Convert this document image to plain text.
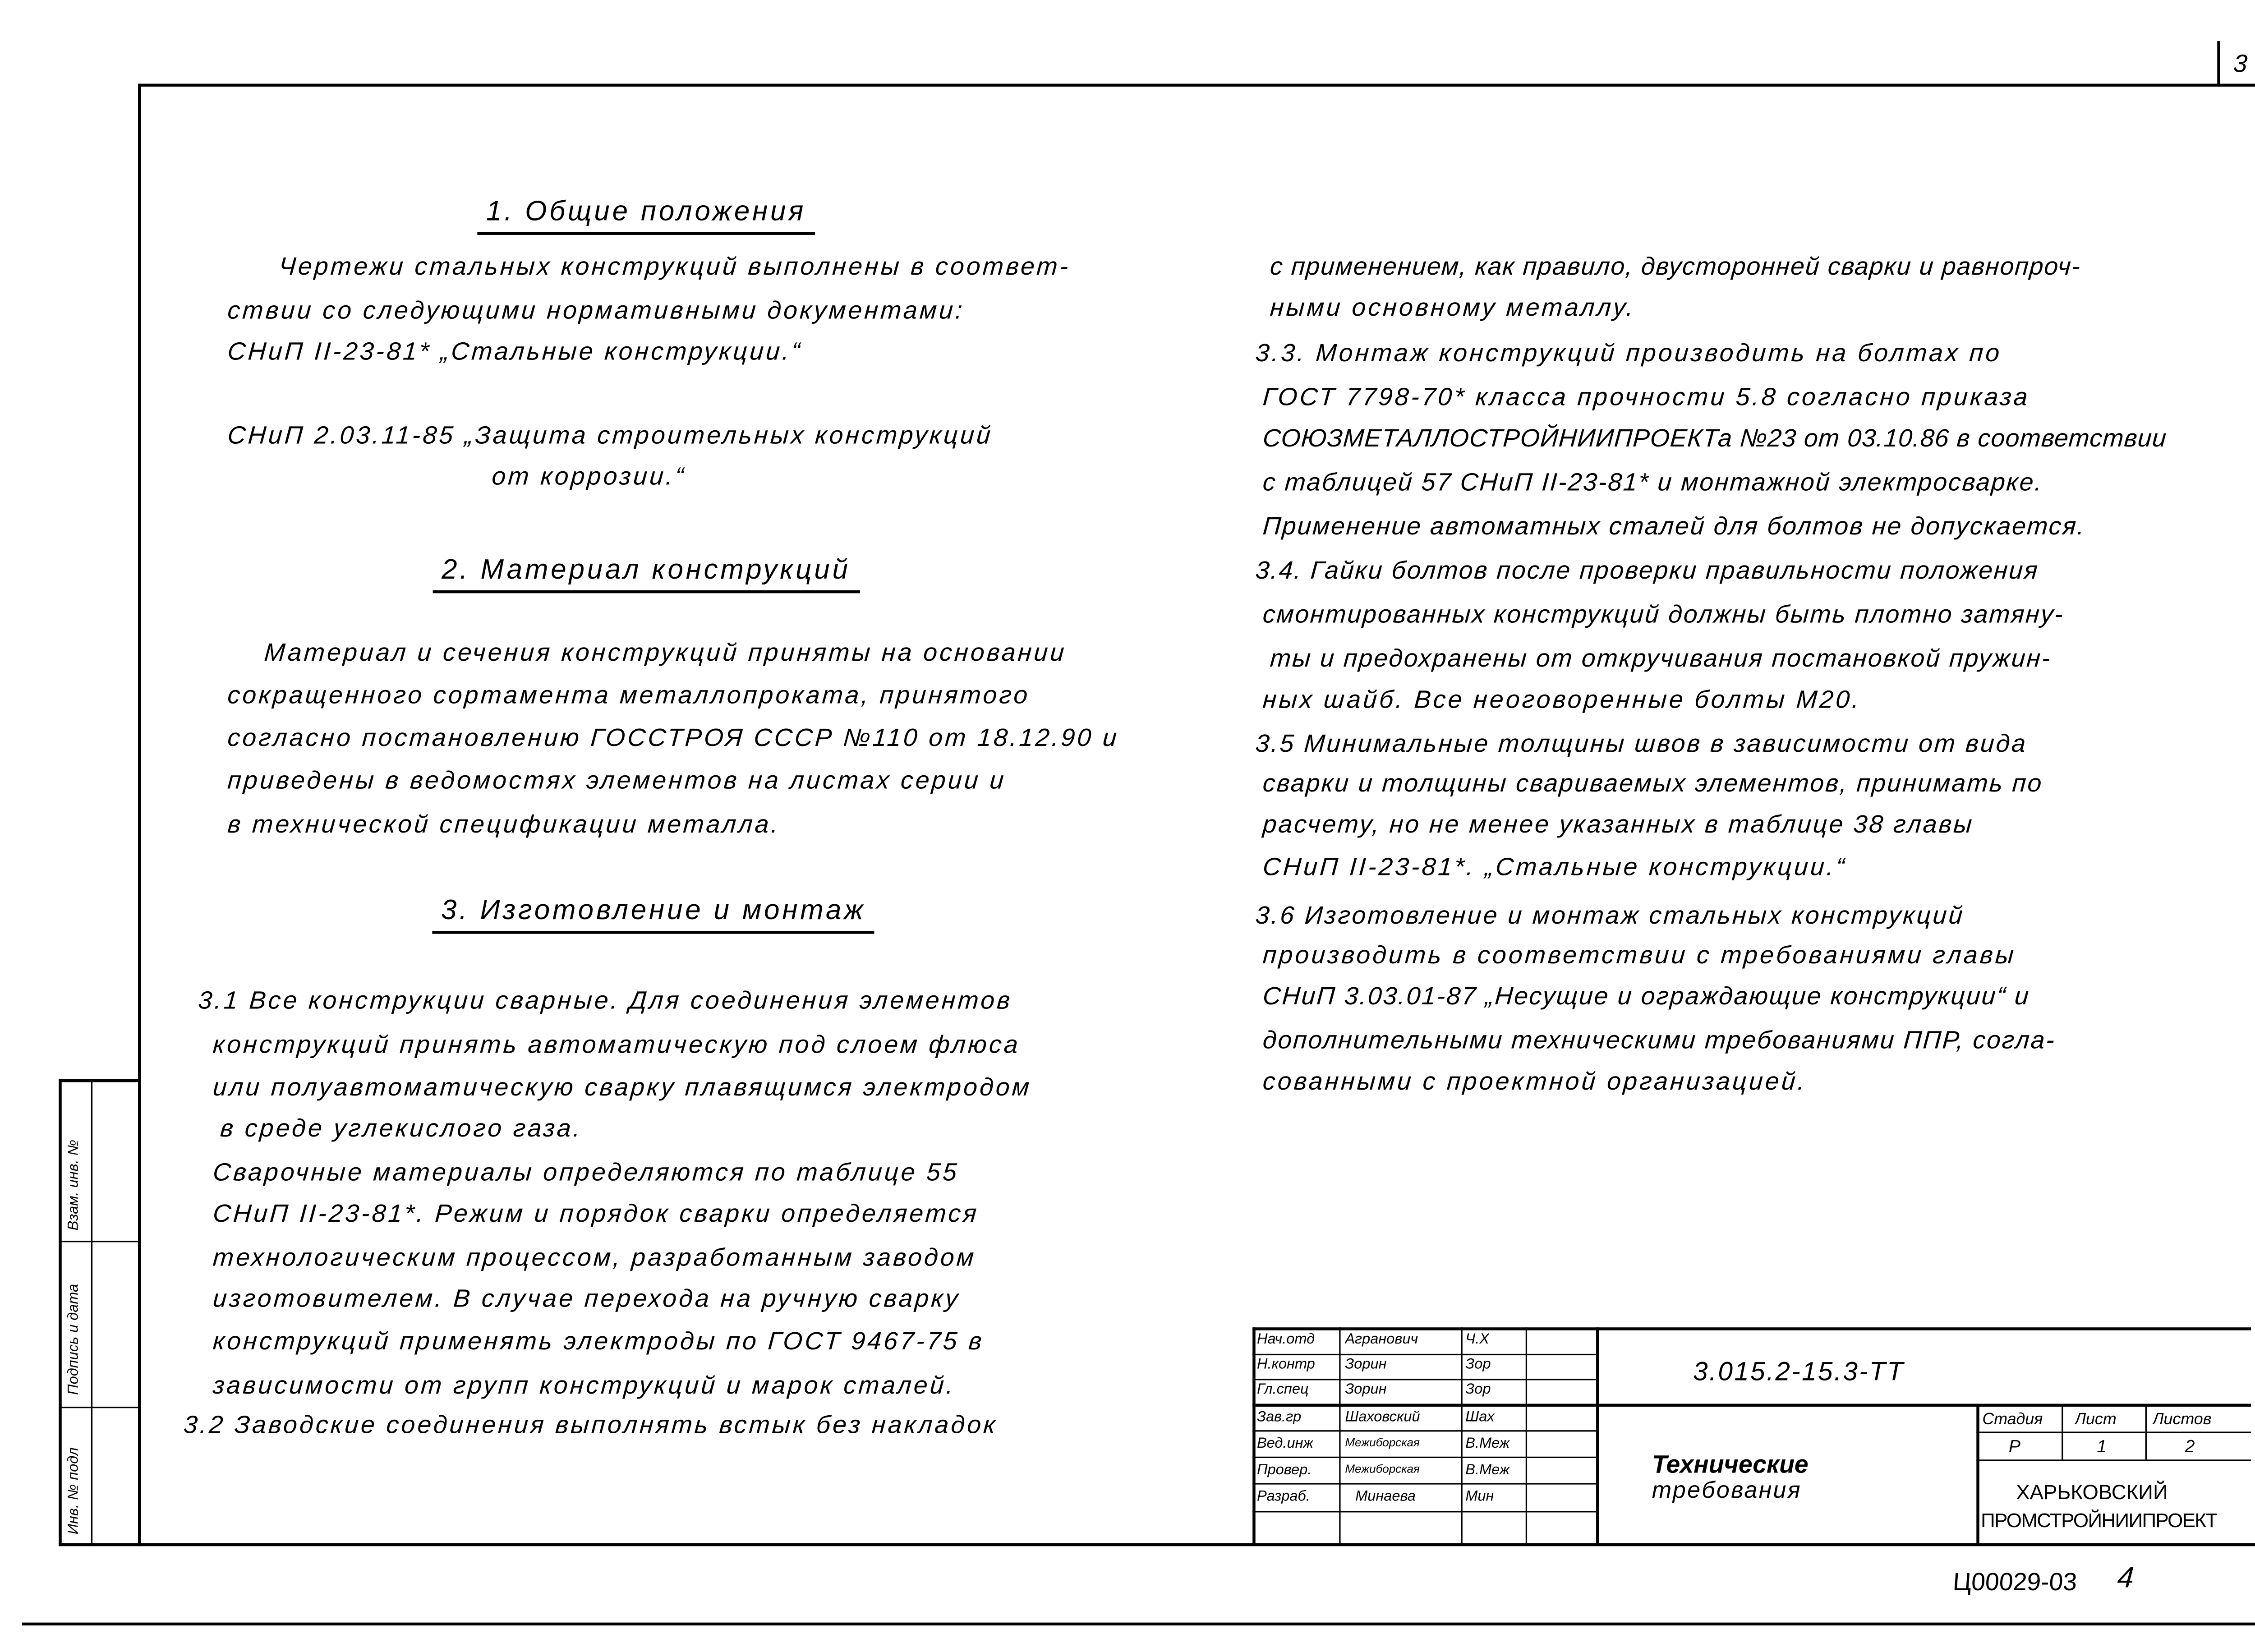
3
Взам. инв. №
Подпись и дата
Инв. № подл
1. Общие положения
Чертежи стальных конструкций выполнены в соответ-
ствии со следующими нормативными документами:
СНиП II-23-81* „Стальные конструкции.“
СНиП 2.03.11-85 „Защита строительных конструкций
от коррозии.“
2. Материал конструкций
Материал и сечения конструкций приняты на основании
сокращенного сортамента металлопроката, принятого
согласно постановлению ГОССТРОЯ СССР №110 от 18.12.90 и
приведены в ведомостях элементов на листах серии и
в технической спецификации металла.
3. Изготовление и монтаж
3.1 Все конструкции сварные. Для соединения элементов
конструкций принять автоматическую под слоем флюса
или полуавтоматическую сварку плавящимся электродом
в среде углекислого газа.
Сварочные материалы определяются по таблице 55
СНиП II-23-81*. Режим и порядок сварки определяется
технологическим процессом, разработанным заводом
изготовителем. В случае перехода на ручную сварку
конструкций применять электроды по ГОСТ 9467-75 в
зависимости от групп конструкций и марок сталей.
3.2 Заводские соединения выполнять встык без накладок
с применением, как правило, двусторонней сварки и равнопроч-
ными основному металлу.
3.3. Монтаж конструкций производить на болтах по
ГОСТ 7798-70* класса прочности 5.8 согласно приказа
СОЮЗМЕТАЛЛОСТРОЙНИИПРОЕКТа №23 от 03.10.86 в соответствии
с таблицей 57 СНиП II-23-81* и монтажной электросварке.
Применение автоматных сталей для болтов не допускается.
3.4. Гайки болтов после проверки правильности положения
смонтированных конструкций должны быть плотно затяну-
ты и предохранены от откручивания постановкой пружин-
ных шайб. Все неоговоренные болты М20.
3.5 Минимальные толщины швов в зависимости от вида
сварки и толщины свариваемых элементов, принимать по
расчету, но не менее указанных в таблице 38 главы
СНиП II-23-81*. „Стальные конструкции.“
3.6 Изготовление и монтаж стальных конструкций
производить в соответствии с требованиями главы
СНиП 3.03.01-87 „Несущие и ограждающие конструкции“ и
дополнительными техническими требованиями ППР, согла-
сованными с проектной организацией.
Нач.отд	Агранович	Ч.Х
Н.контр	Зорин	Зор
Гл.спец	Зорин	Зор
Зав.гр	Шаховский	Шах
Вед.инж	Межиборская	В.Меж
Провер.	Межиборская	В.Меж
Разраб.	Минаева	Мин
3.015.2-15.3-ТТ
Технические
требования
Стадия	Лист	Листов
Р	1	2
ХАРЬКОВСКИЙ
ПРОМСТРОЙНИИПРОЕКТ
Ц00029-03	4
